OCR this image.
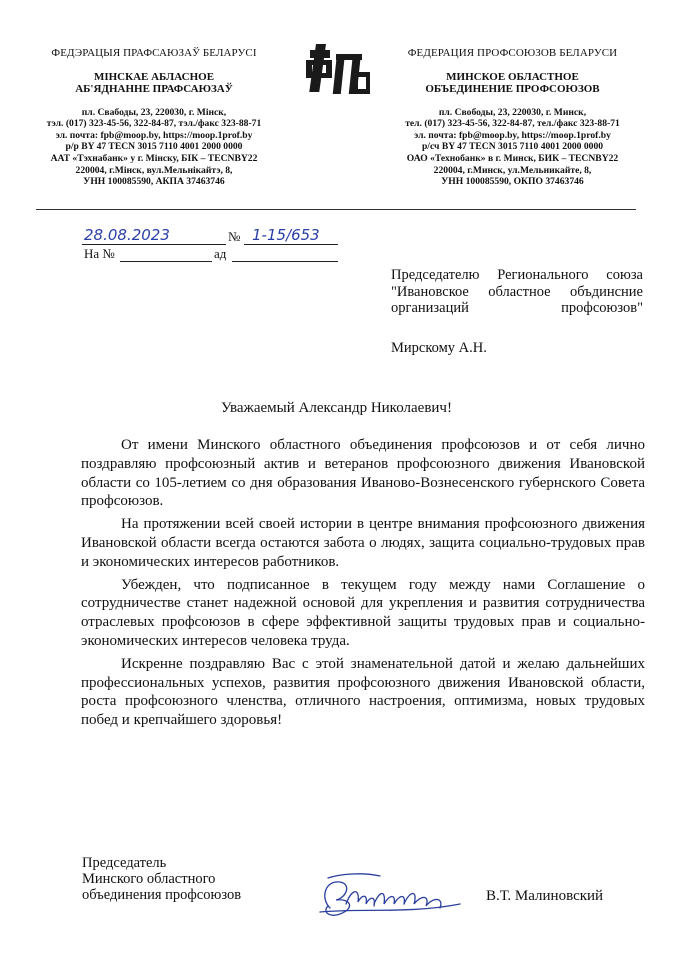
ФЕДЭРАЦЫЯ ПРАФСАЮЗАЎ БЕЛАРУСІ
МІНСКАЕ АБЛАСНОЕ
АБ'ЯДНАННЕ ПРАФСАЮЗАЎ
пл. Свабоды, 23, 220030, г. Мінск,
тэл. (017) 323-45-56, 322-84-87, тэл./факс 323-88-71
эл. почта: fpb@moop.by, https://moop.1prof.by
р/р BY 47 TECN 3015 7110 4001 2000 0000
ААТ «Тэхнабанк» у г. Мінску, БІК – TECNBY22
220004, г.Мінск, вул.Мельнікайтэ, 8,
УНН 100085590, АКПА 37463746
ФЕДЕРАЦИЯ ПРОФСОЮЗОВ БЕЛАРУСИ
МИНСКОЕ ОБЛАСТНОЕ
ОБЪЕДИНЕНИЕ ПРОФСОЮЗОВ
пл. Свободы, 23, 220030, г. Минск,
тел. (017) 323-45-56, 322-84-87, тел./факс 323-88-71
эл. почта: fpb@moop.by, https://moop.1prof.by
р/сч BY 47 TECN 3015 7110 4001 2000 0000
ОАО «Технобанк» в г. Минск, БИК – TECNBY22
220004, г.Минск, ул.Мельникайте, 8,
УНН 100085590, ОКПО 37463746
28.08.2023	№ 1-15/653
На №	ад
Председателю Регионального союза "Ивановское областное объдинсние организаций профсоюзов"
Мирскому А.Н.
Уважаемый Александр Николаевич!

От имени Минского областного объединения профсоюзов и от себя лично поздравляю профсоюзный актив и ветеранов профсоюзного движения Ивановской области со 105-летием со дня образования Иваново-Вознесенского губернского Совета профсоюзов.

На протяжении всей своей истории в центре внимания профсоюзного движения Ивановской области всегда остаются забота о людях, защита социально-трудовых прав и экономических интересов работников.

Убежден, что подписанное в текущем году между нами Соглашение о сотрудничестве станет надежной основой для укрепления и развития сотрудничества отраслевых профсоюзов в сфере эффективной защиты трудовых прав и социально-экономических интересов человека труда.

Искренне поздравляю Вас с этой знаменательной датой и желаю дальнейших профессиональных успехов, развития профсоюзного движения Ивановской области, роста профсоюзного членства, отличного настроения, оптимизма, новых трудовых побед и крепчайшего здоровья!

Председатель
Минского областного
объединения профсоюзов	В.Т. Малиновский
